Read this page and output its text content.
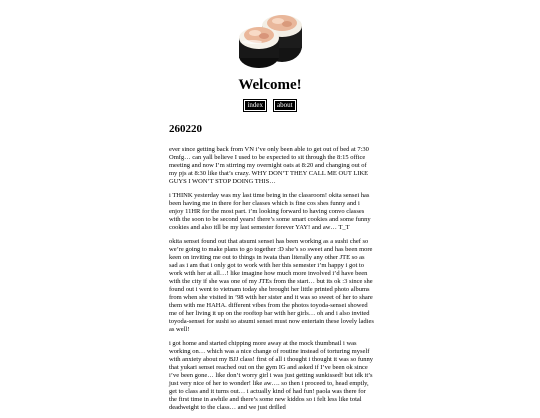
Welcome!
index about
260220

ever since getting back from VN i’ve only been able to get out of bed at 7:30 Omfg… can yall believe I used to be expected to sit through the 8:15 office meeting and now I’m stirring my overnight oats at 8:20 and changing out of my pjs at 8:30 like that’s crazy. WHY DON’T THEY CALL ME OUT LIKE GUYS I WON’T STOP DOING THIS…

i THINK yesterday was my last time being in the classroom! okita sensei has been having me in there for her classes which is fine cos shes funny and i enjoy 11HR for the most part. i’m looking forward to having convo classes with the soon to be second years! there’s some smart cookies and some funny cookies and also itll be my last semester forever YAY! and aw… T_T

okita sensei found out that atsumi sensei has been working as a sushi chef so we’re going to make plans to go together :D she’s so sweet and has been more keen on inviting me out to things in iwata than literally any other JTE so as sad as i am that i only got to work with her this semester i’m happy i got to work with her at all…! like imagine how much more involved i’d have been with the city if she was one of my JTEs from the start… but its ok :3 since she found out i went to vietnam today she brought her little printed photo albums from when she visited in ’98 with her sister and it was so sweet of her to share them with me HAHA. different vibes from the photos toyoda-sensei showed me of her living it up on the rooftop bar with her girls… oh and i also invited toyoda-sensei for sushi so atsumi sensei must now entertain these lovely ladies as well!

i got home and started chipping more away at the mock thumbnail i was working on… which was a nice change of routine instead of torturing myself with anxiety about my BJJ class! first of all i thought i thought it was so funny that yukari sensei reached out on the gym IG and asked if I’ve been ok since i’ve been gone… like don’t worry girl i was just getting sunkissed! but idk it’s just very nice of her to wonder! like aw…. so then i proceed to, head emptly, get to class and it turns out… i actually kind of had fun! paola was there for the first time in awhile and there’s some new kiddos so i felt less like total deadweight to the class… and we just drilled
